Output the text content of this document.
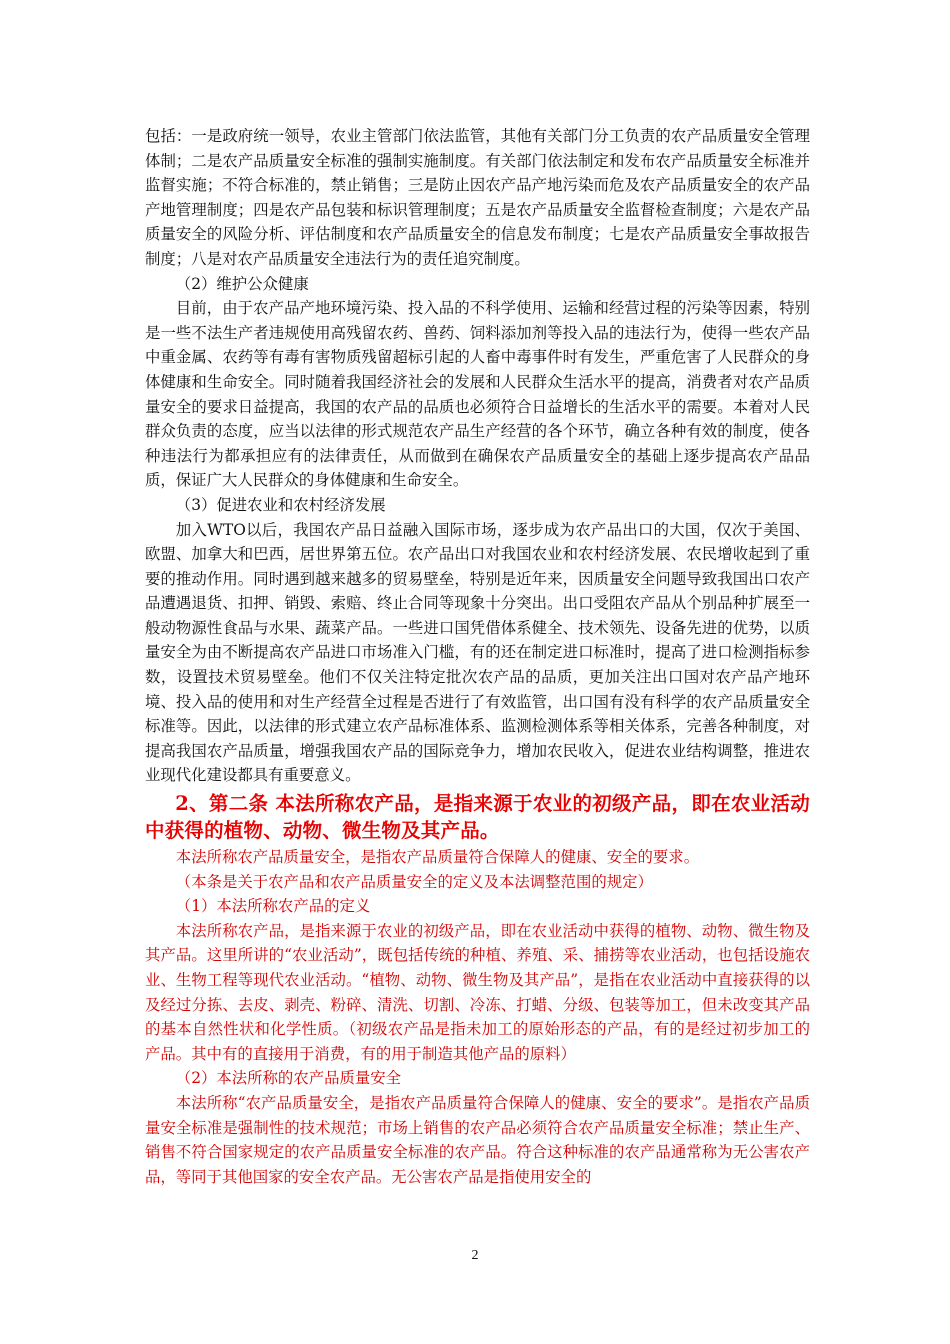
包括：一是政府统一领导，农业主管部门依法监管，其他有关部门分工负责的农产品质量安全管理体制；二是农产品质量安全标准的强制实施制度。有关部门依法制定和发布农产品质量安全标准并监督实施；不符合标准的，禁止销售；三是防止因农产品产地污染而危及农产品质量安全的农产品产地管理制度；四是农产品包装和标识管理制度；五是农产品质量安全监督检查制度；六是农产品质量安全的风险分析、评估制度和农产品质量安全的信息发布制度；七是农产品质量安全事故报告制度；八是对农产品质量安全违法行为的责任追究制度。

（2）维护公众健康

目前，由于农产品产地环境污染、投入品的不科学使用、运输和经营过程的污染等因素，特别是一些不法生产者违规使用高残留农药、兽药、饲料添加剂等投入品的违法行为，使得一些农产品中重金属、农药等有毒有害物质残留超标引起的人畜中毒事件时有发生，严重危害了人民群众的身体健康和生命安全。同时随着我国经济社会的发展和人民群众生活水平的提高，消费者对农产品质量安全的要求日益提高，我国的农产品的品质也必须符合日益增长的生活水平的需要。本着对人民群众负责的态度，应当以法律的形式规范农产品生产经营的各个环节，确立各种有效的制度，使各种违法行为都承担应有的法律责任，从而做到在确保农产品质量安全的基础上逐步提高农产品品质，保证广大人民群众的身体健康和生命安全。

（3）促进农业和农村经济发展

加入WTO以后，我国农产品日益融入国际市场，逐步成为农产品出口的大国，仅次于美国、欧盟、加拿大和巴西，居世界第五位。农产品出口对我国农业和农村经济发展、农民增收起到了重要的推动作用。同时遇到越来越多的贸易壁垒，特别是近年来，因质量安全问题导致我国出口农产品遭遇退货、扣押、销毁、索赔、终止合同等现象十分突出。出口受阻农产品从个别品种扩展至一般动物源性食品与水果、蔬菜产品。一些进口国凭借体系健全、技术领先、设备先进的优势，以质量安全为由不断提高农产品进口市场准入门槛，有的还在制定进口标准时，提高了进口检测指标参数，设置技术贸易壁垒。他们不仅关注特定批次农产品的品质，更加关注出口国对农产品产地环境、投入品的使用和对生产经营全过程是否进行了有效监管，出口国有没有科学的农产品质量安全标准等。因此，以法律的形式建立农产品标准体系、监测检测体系等相关体系，完善各种制度，对提高我国农产品质量，增强我国农产品的国际竞争力，增加农民收入，促进农业结构调整，推进农业现代化建设都具有重要意义。

2、第二条 本法所称农产品，是指来源于农业的初级产品，即在农业活动中获得的植物、动物、微生物及其产品。

本法所称农产品质量安全，是指农产品质量符合保障人的健康、安全的要求。

（本条是关于农产品和农产品质量安全的定义及本法调整范围的规定）

（1）本法所称农产品的定义

本法所称农产品，是指来源于农业的初级产品，即在农业活动中获得的植物、动物、微生物及其产品。这里所讲的“农业活动”，既包括传统的种植、养殖、采、捕捞等农业活动，也包括设施农业、生物工程等现代农业活动。“植物、动物、微生物及其产品”，是指在农业活动中直接获得的以及经过分拣、去皮、剥壳、粉碎、清洗、切割、冷冻、打蜡、分级、包装等加工，但未改变其产品的基本自然性状和化学性质。（初级农产品是指未加工的原始形态的产品，有的是经过初步加工的产品。其中有的直接用于消费，有的用于制造其他产品的原料）

（2）本法所称的农产品质量安全

本法所称“农产品质量安全，是指农产品质量符合保障人的健康、安全的要求”。是指农产品质量安全标准是强制性的技术规范；市场上销售的农产品必须符合农产品质量安全标准；禁止生产、销售不符合国家规定的农产品质量安全标准的农产品。符合这种标准的农产品通常称为无公害农产品，等同于其他国家的安全农产品。无公害农产品是指使用安全的

2
